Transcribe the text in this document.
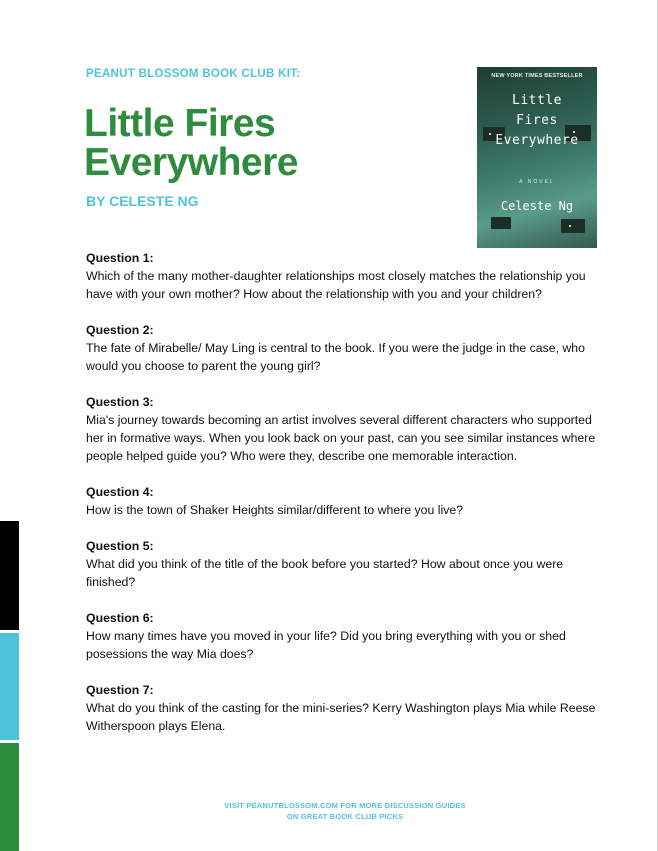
PEANUT BLOSSOM BOOK CLUB KIT:
Little Fires
Everywhere
BY CELESTE NG
NEW YORK TIMES BESTSELLER
Little
Fires
Everywhere
A NOVEL
Celeste Ng
Question 1:
Which of the many mother-daughter relationships most closely matches the relationship you have with your own mother? How about the relationship with you and your children?
Question 2:
The fate of Mirabelle/ May Ling is central to the book. If you were the judge in the case, who would you choose to parent the young girl?
Question 3:
Mia's journey towards becoming an artist involves several different characters who supported her in formative ways. When you look back on your past, can you see similar instances where people helped guide you? Who were they, describe one memorable interaction.
Question 4:
How is the town of Shaker Heights similar/different to where you live?
Question 5:
What did you think of the title of the book before you started? How about once you were finished?
Question 6:
How many times have you moved in your life? Did you bring everything with you or shed posessions the way Mia does?
Question 7:
What do you think of the casting for the mini-series? Kerry Washington plays Mia while Reese Witherspoon plays Elena.
VISIT PEANUTBLOSSOM.COM FOR MORE DISCUSSION GUIDES
ON GREAT BOOK CLUB PICKS
